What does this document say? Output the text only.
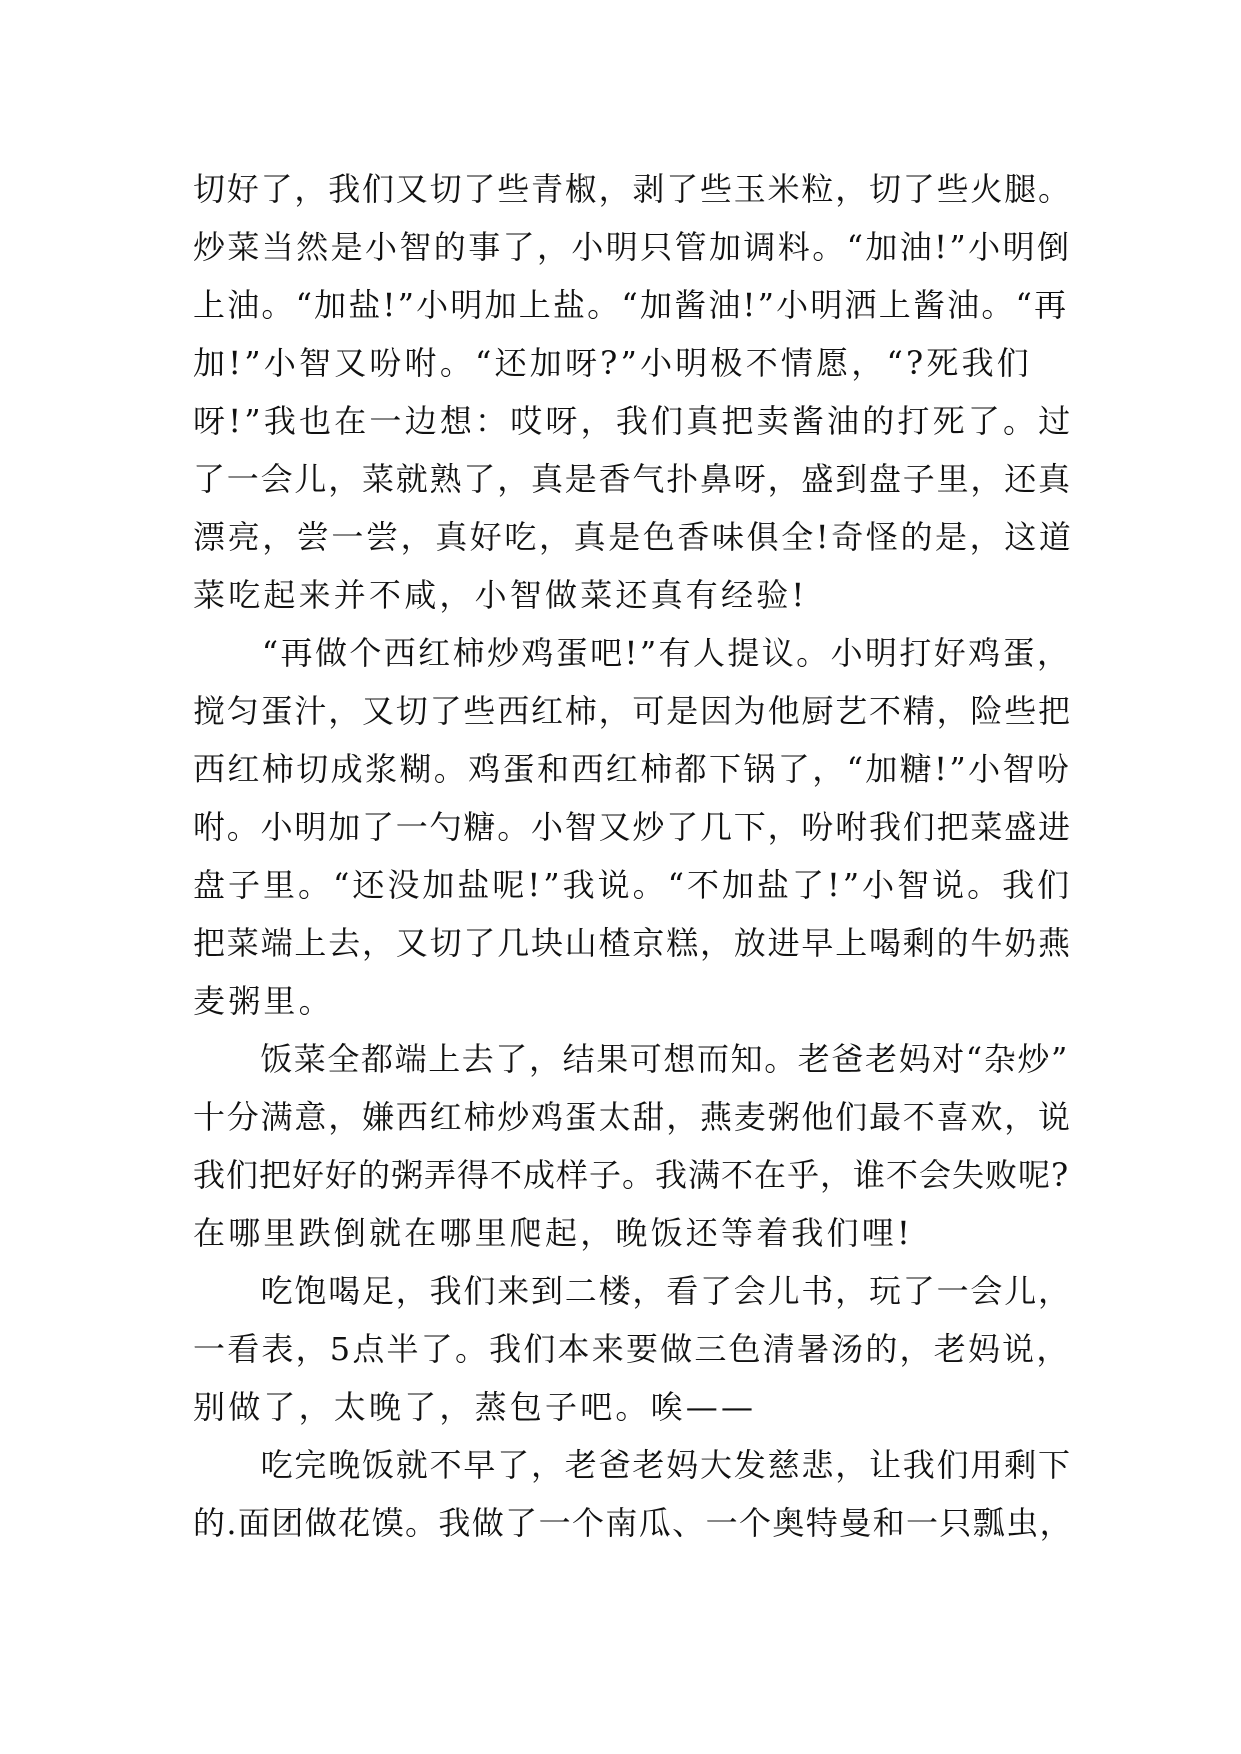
切好了，我们又切了些青椒，剥了些玉米粒，切了些火腿。
炒菜当然是小智的事了，小明只管加调料。“加油!”小明倒
上油。“加盐!”小明加上盐。“加酱油!”小明洒上酱油。“再
加!”小智又吩咐。“还加呀?”小明极不情愿，“?死我们
呀!”我也在一边想：哎呀，我们真把卖酱油的打死了。过
了一会儿，菜就熟了，真是香气扑鼻呀，盛到盘子里，还真
漂亮，尝一尝，真好吃，真是色香味俱全!奇怪的是，这道
菜吃起来并不咸，小智做菜还真有经验!
　　“再做个西红柿炒鸡蛋吧!”有人提议。小明打好鸡蛋，
搅匀蛋汁，又切了些西红柿，可是因为他厨艺不精，险些把
西红柿切成浆糊。鸡蛋和西红柿都下锅了，“加糖!”小智吩
咐。小明加了一勺糖。小智又炒了几下，吩咐我们把菜盛进
盘子里。“还没加盐呢!”我说。“不加盐了!”小智说。我们
把菜端上去，又切了几块山楂京糕，放进早上喝剩的牛奶燕
麦粥里。
　　饭菜全都端上去了，结果可想而知。老爸老妈对“杂炒”
十分满意，嫌西红柿炒鸡蛋太甜，燕麦粥他们最不喜欢，说
我们把好好的粥弄得不成样子。我满不在乎，谁不会失败呢?
在哪里跌倒就在哪里爬起，晚饭还等着我们哩!
　　吃饱喝足，我们来到二楼，看了会儿书，玩了一会儿，
一看表，5点半了。我们本来要做三色清暑汤的，老妈说，
别做了，太晚了，蒸包子吧。唉——
　　吃完晚饭就不早了，老爸老妈大发慈悲，让我们用剩下
的.面团做花馍。我做了一个南瓜、一个奥特曼和一只瓢虫，
